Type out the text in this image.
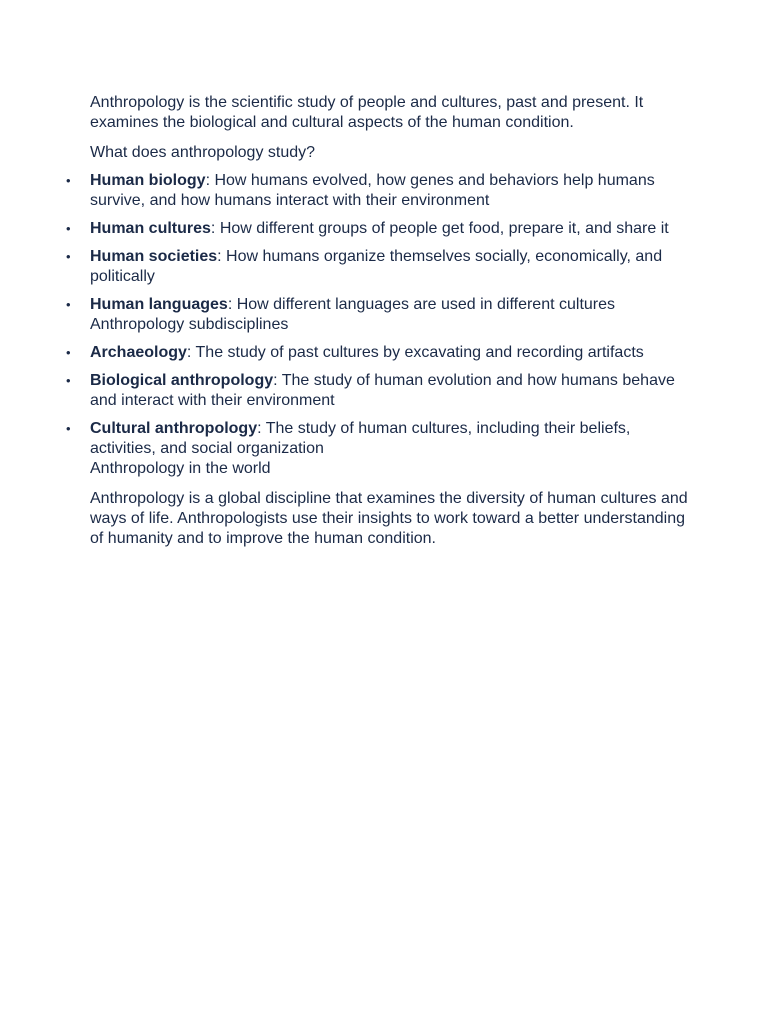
Anthropology is the scientific study of people and cultures, past and present. It examines the biological and cultural aspects of the human condition.

What does anthropology study?

• Human biology: How humans evolved, how genes and behaviors help humans survive, and how humans interact with their environment
• Human cultures: How different groups of people get food, prepare it, and share it
• Human societies: How humans organize themselves socially, economically, and politically
• Human languages: How different languages are used in different cultures
Anthropology subdisciplines
• Archaeology: The study of past cultures by excavating and recording artifacts
• Biological anthropology: The study of human evolution and how humans behave and interact with their environment
• Cultural anthropology: The study of human cultures, including their beliefs, activities, and social organization

Anthropology in the world

Anthropology is a global discipline that examines the diversity of human cultures and ways of life. Anthropologists use their insights to work toward a better understanding of humanity and to improve the human condition.
